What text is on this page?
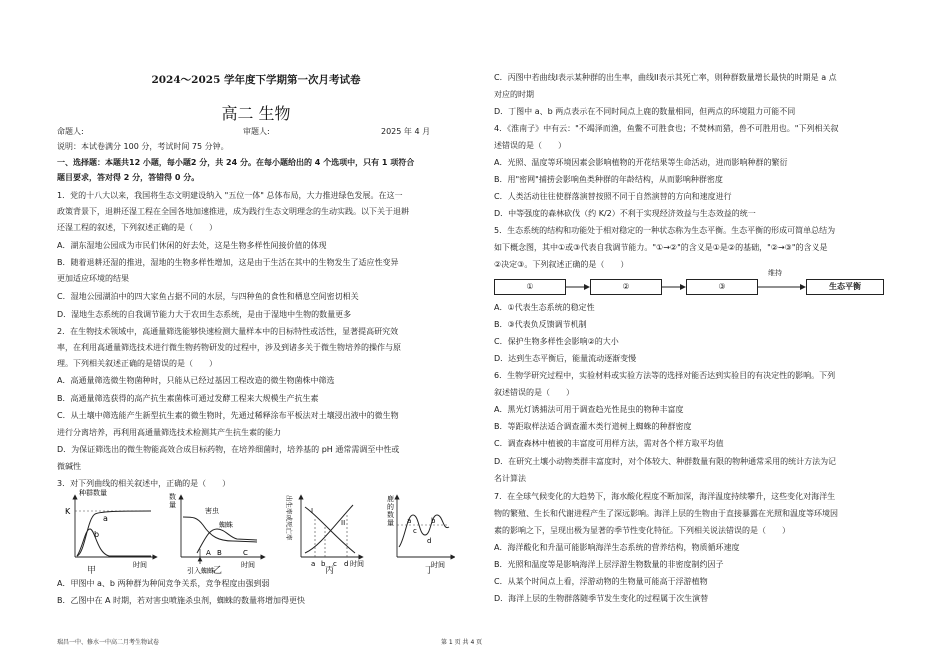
2024～2025 学年度下学期第一次月考试卷
高二 生物
命题人:	审题人:	2025 年 4 月
说明：本试卷满分 100 分，考试时间 75 分钟。
一、选择题：本题共12 小题，每小题2 分，共 24 分。在每小题给出的 4 个选项中，只有 1 项符合
题目要求，答对得 2 分，答错得 0 分。
1．党的十八大以来，我国将生态文明建设纳入 "五位一体" 总体布局，大力推进绿色发展。在这一
政策背景下，退耕还湿工程在全国各地加速推进，成为践行生态文明理念的生动实践。以下关于退耕
还湿工程的叙述，下列叙述正确的是（　　）
A．湖东湿地公园成为市民们休闲的好去处，这是生物多样性间接价值的体现
B．随着退耕还湿的推进，湿地的生物多样性增加，这是由于生活在其中的生物发生了适应性变异
更加适应环境的结果
C．湿地公园湖泊中的四大家鱼占据不同的水层，与四种鱼的食性和栖息空间密切相关
D．湿地生态系统的自我调节能力大于农田生态系统，是由于湿地中生物的数量更多
2．在生物技术领域中，高通量筛选能够快速检测大量样本中的目标特性或活性，显著提高研究效
率，在利用高通量筛选技术进行微生物药物研发的过程中，涉及到诸多关于微生物培养的操作与原
理。下列相关叙述正确的是错误的是（　　）
A．高通量筛选微生物菌种时，只能从已经过基因工程改造的微生物菌株中筛选
B．高通量筛选获得的高产抗生素菌株可通过发酵工程来大规模生产抗生素
C．从土壤中筛选能产生新型抗生素的微生物时，先通过稀释涂布平板法对土壤浸出液中的微生物
进行分离培养，再利用高通量筛选技术检测其产生抗生素的能力
D．为保证筛选出的微生物能高效合成目标药物，在培养细菌时，培养基的 pH 通常需调至中性或
微碱性
3．对下列曲线的相关叙述中，正确的是（　　）
种群数量
K
a
b
时间
数
量
害虫
蜘蛛
A B	C
时间
引入蜘蛛
出生率或死亡率	I
II
a b c d 时间
鹿
的
数
量 a	b
c
d
时间
甲	乙	丙	丁
A．甲图中 a、b 两种群为种间竞争关系，竞争程度由强到弱
B．乙图中在 A 时期，若对害虫喷施杀虫剂，蜘蛛的数量将增加得更快
瑞昌一中、修水一中高二月考生物试卷
C．丙图中若曲线I表示某种群的出生率，曲线II表示其死亡率，则种群数量增长最快的时期是 a 点
对应的时期
D．丁图中 a、b 两点表示在不同时间点上鹿的数量相同，但两点的环境阻力可能不同
4．《淮南子》中有云："不竭泽而渔，鱼鳖不可胜食也；不焚林而猎，兽不可胜用也。"下列相关叙
述错误的是（　　）
A．光照、温度等环境因素会影响植物的开花结果等生命活动，进而影响种群的繁衍
B．用"密网"捕捞会影响鱼类种群的年龄结构，从而影响种群密度
C．人类活动往往使群落演替按照不同于自然演替的方向和速度进行
D．中等强度的森林砍伐（约 K/2）不利于实现经济效益与生态效益的统一
5．生态系统的结构和功能处于相对稳定的一种状态称为生态平衡。生态平衡的形成可简单总结为
如下概念图，其中①或③代表自我调节能力。"①→②"的含义是①是②的基础，"②→③"的含义是
②决定③。下列叙述正确的是（　　）
①	②	③	生态平衡
维持
A．①代表生态系统的稳定性
B．③代表负反馈调节机制
C．保护生物多样性会影响②的大小
D．达到生态平衡后，能量流动逐渐变慢
6．生物学研究过程中，实验材料或实验方法等的选择对能否达到实验目的有决定性的影响。下列
叙述错误的是（　　）
A．黑光灯诱捕法可用于调查趋光性昆虫的物种丰富度
B．等距取样法适合调查灌木类行道树上蜘蛛的种群密度
C．调查森林中植被的丰富度可用样方法，需对各个样方取平均值
D．在研究土壤小动物类群丰富度时，对个体较大、种群数量有限的物种通常采用的统计方法为记
名计算法
7．在全球气候变化的大趋势下，海水酸化程度不断加深，海洋温度持续攀升，这些变化对海洋生
物的繁殖、生长和代谢进程产生了深远影响。海洋上层的生物由于直接暴露在光照和温度等环境因
素的影响之下，呈现出极为显著的季节性变化特征。下列相关说法错误的是（　　）
A．海洋酸化和升温可能影响海洋生态系统的营养结构，物质循环速度
B．光照和温度等是影响海洋上层浮游生物数量的非密度制约因子
C．从某个时间点上看，浮游动物的生物量可能高于浮游植物
D．海洋上层的生物群落随季节发生变化的过程属于次生演替
第 1 页 共 4 页
